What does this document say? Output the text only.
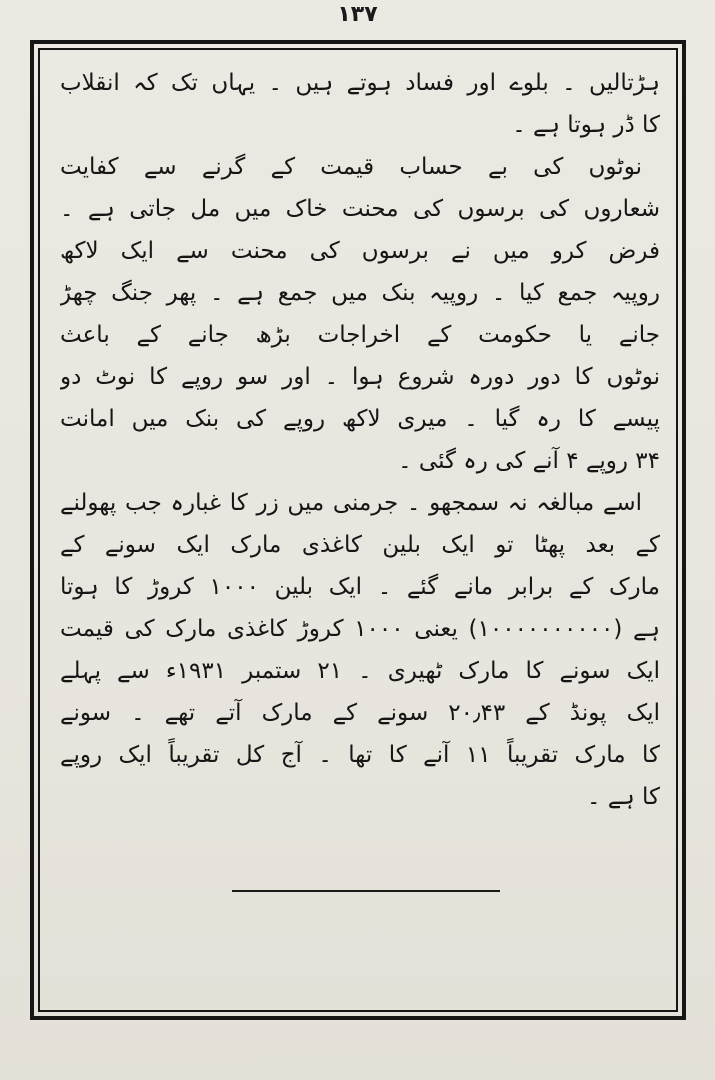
۱۳۷
ہڑتالیں ۔ بلوے اور فساد ہوتے ہیں ۔ یہاں تک کہ انقلاب
کا ڈر ہوتا ہے ۔
نوٹوں کی بے حساب قیمت کے گرنے سے کفایت
شعاروں کی برسوں کی محنت خاک میں مل جاتی ہے ۔
فرض کرو میں نے برسوں کی محنت سے ایک لاکھ
روپیہ جمع کیا ۔ روپیہ بنک میں جمع ہے ۔ پھر جنگ چھڑ
جانے یا حکومت کے اخراجات بڑھ جانے کے باعث
نوٹوں کا دور دورہ شروع ہوا ۔ اور سو روپے کا نوٹ دو
پیسے کا رہ گیا ۔ میری لاکھ روپے کی بنک میں امانت
۳۴ روپے ۴ آنے کی رہ گئی ۔
اسے مبالغہ نہ سمجھو ۔ جرمنی میں زر کا غبارہ جب پھولنے
کے بعد پھٹا تو ایک بلین کاغذی مارک ایک سونے کے
مارک کے برابر مانے گئے ۔ ایک بلین ۱۰۰۰ کروڑ کا ہوتا
ہے (۱۰۰۰۰۰۰۰۰۰۰) یعنی ۱۰۰۰ کروڑ کاغذی مارک کی قیمت
ایک سونے کا مارک ٹھیری ۔ ۲۱ ستمبر ۱۹۳۱ء سے پہلے
ایک پونڈ کے ۲۰٫۴۳ سونے کے مارک آتے تھے ۔ سونے
کا مارک تقریباً ۱۱ آنے کا تھا ۔ آج کل تقریباً ایک روپے
کا ہے ۔
